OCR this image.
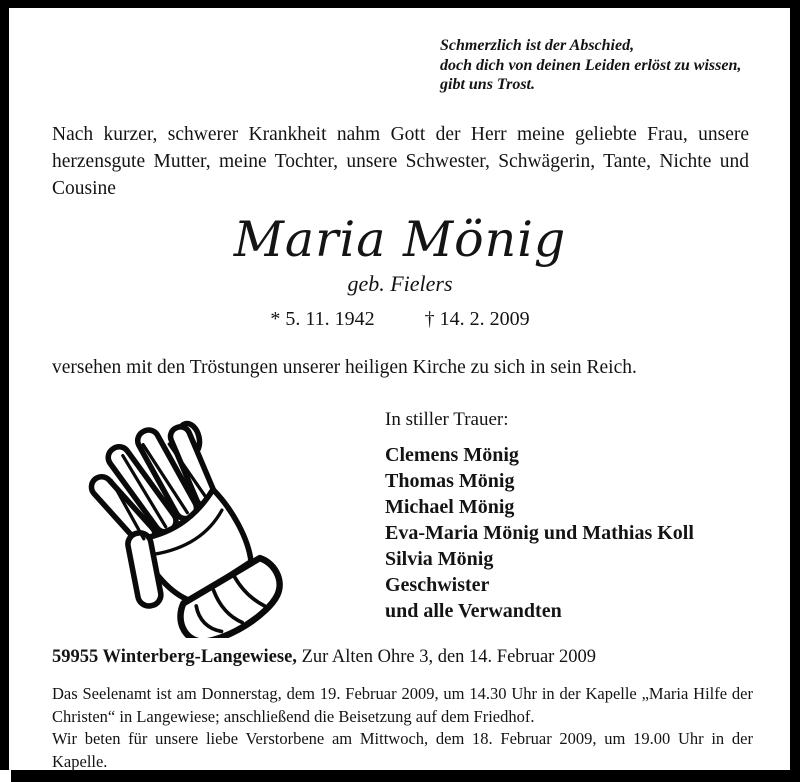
Schmerzlich ist der Abschied,
doch dich von deinen Leiden erlöst zu wissen,
gibt uns Trost.
Nach kurzer, schwerer Krankheit nahm Gott der Herr meine geliebte Frau, unsere herzensgute Mutter, meine Tochter, unsere Schwester, Schwägerin, Tante, Nichte und Cousine
Maria Mönig
geb. Fielers
* 5. 11. 1942	† 14. 2. 2009
versehen mit den Tröstungen unserer heiligen Kirche zu sich in sein Reich.
In stiller Trauer:
Clemens Mönig
Thomas Mönig
Michael Mönig
Eva-Maria Mönig und Mathias Koll
Silvia Mönig
Geschwister
und alle Verwandten
59955 Winterberg-Langewiese, Zur Alten Ohre 3, den 14. Februar 2009

Das Seelenamt ist am Donnerstag, dem 19. Februar 2009, um 14.30 Uhr in der Kapelle „Maria Hilfe der Christen“ in Langewiese; anschließend die Beisetzung auf dem Friedhof.

Wir beten für unsere liebe Verstorbene am Mittwoch, dem 18. Februar 2009, um 19.00 Uhr in der Kapelle.
